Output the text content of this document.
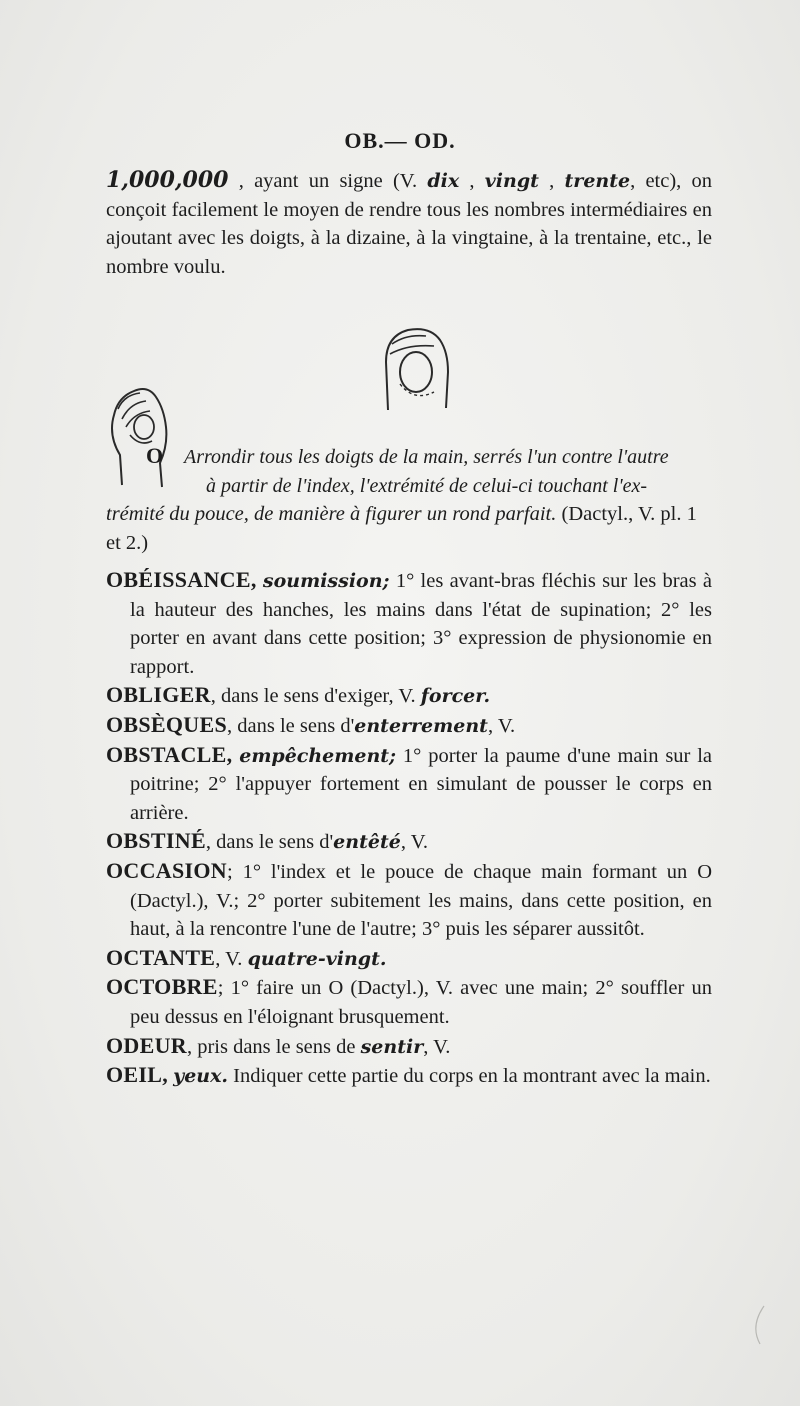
OB.— OD.

1,000,000 , ayant un signe (V. dix , vingt , trente, etc), on conçoit facilement le moyen de rendre tous les nombres intermédiaires en ajoutant avec les doigts, à la dizaine, à la vingtaine, à la trentaine, etc., le nombre voulu.

O Arrondir tous les doigts de la main, serrés l'un contre l'autre
à partir de l'index, l'extrémité de celui-ci touchant l'ex-
trémité du pouce, de manière à figurer un rond parfait. (Dactyl., V. pl. 1 et 2.)

OBÉISSANCE, soumission; 1° les avant-bras fléchis sur les bras à la hauteur des hanches, les mains dans l'état de supination; 2° les porter en avant dans cette position; 3° expression de physionomie en rapport.

OBLIGER, dans le sens d'exiger, V. forcer.

OBSÈQUES, dans le sens d'enterrement, V.

OBSTACLE, empêchement; 1° porter la paume d'une main sur la poitrine; 2° l'appuyer fortement en simulant de pousser le corps en arrière.

OBSTINÉ, dans le sens d'entêté, V.

OCCASION; 1° l'index et le pouce de chaque main formant un O (Dactyl.), V.; 2° porter subitement les mains, dans cette position, en haut, à la rencontre l'une de l'autre; 3° puis les séparer aussitôt.

OCTANTE, V. quatre-vingt.

OCTOBRE; 1° faire un O (Dactyl.), V. avec une main; 2° souffler un peu dessus en l'éloignant brusquement.

ODEUR, pris dans le sens de sentir, V.

OEIL, yeux. Indiquer cette partie du corps en la montrant avec la main.
